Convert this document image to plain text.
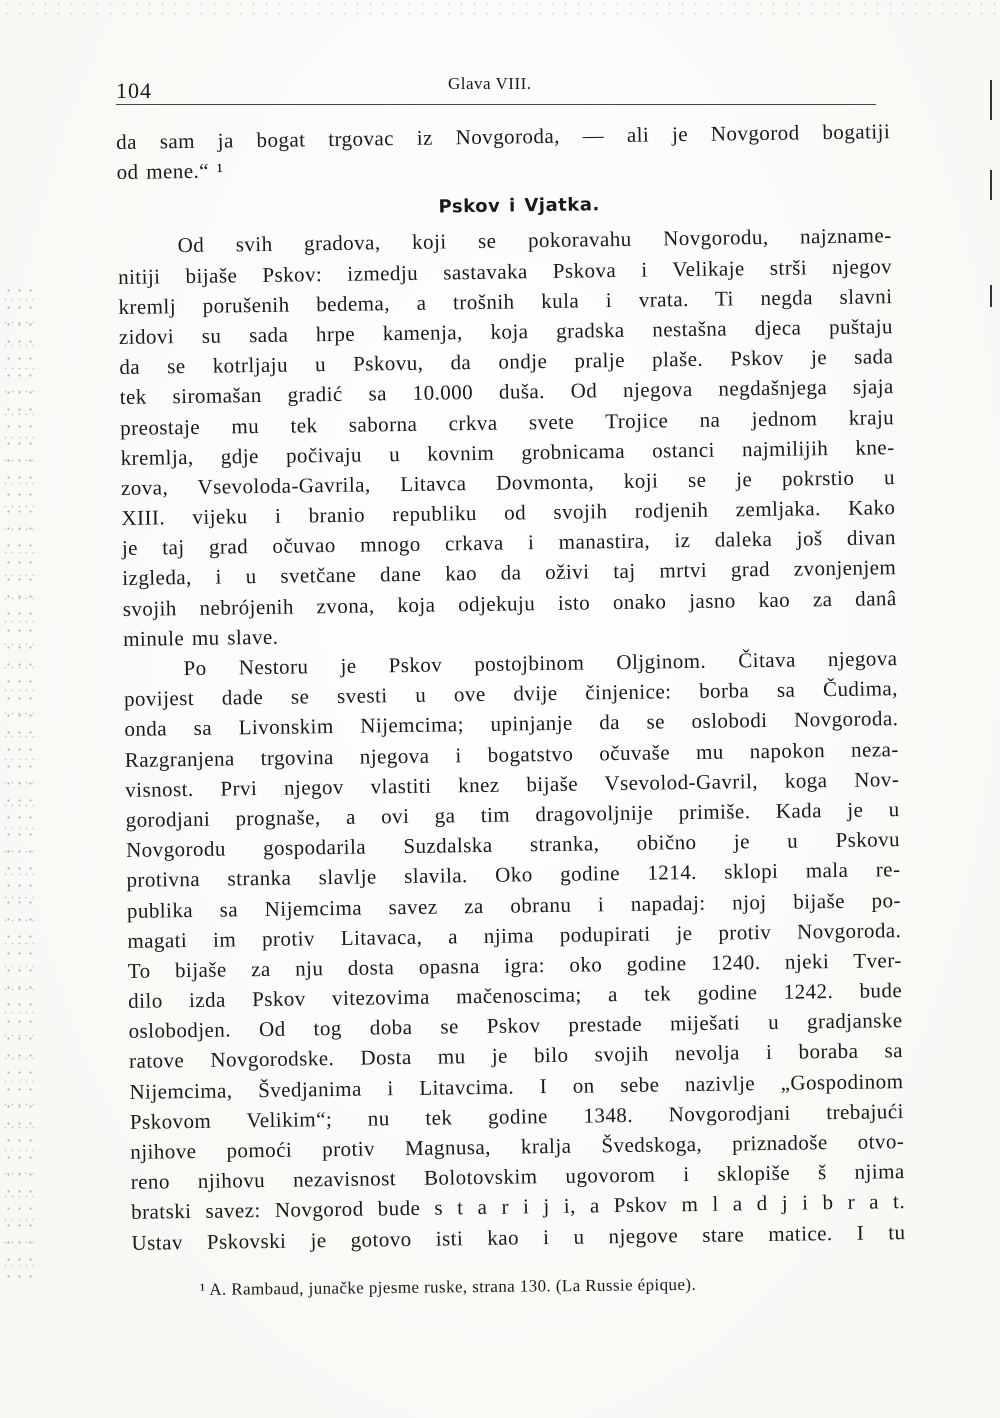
104	Glava VIII.
da sam ja bogat trgovac iz Novgoroda, — ali je Novgorod bogatiji
od mene.“ ¹
Pskov i Vjatka.
Od svih gradova, koji se pokoravahu Novgorodu, najzname-
nitiji bijaše Pskov: izmedju sastavaka Pskova i Velikaje strši njegov
kremlj porušenih bedema, a trošnih kula i vrata. Ti negda slavni
zidovi su sada hrpe kamenja, koja gradska nestašna djeca puštaju
da se kotrljaju u Pskovu, da ondje pralje plaše. Pskov je sada
tek siromašan gradić sa 10.000 duša. Od njegova negdašnjega sjaja
preostaje mu tek saborna crkva svete Trojice na jednom kraju
kremlja, gdje počivaju u kovnim grobnicama ostanci najmilijih kne-
zova, Vsevoloda-Gavrila, Litavca Dovmonta, koji se je pokrstio u
XIII. vijeku i branio republiku od svojih rodjenih zemljaka. Kako
je taj grad očuvao mnogo crkava i manastira, iz daleka još divan
izgleda, i u svetčane dane kao da oživi taj mrtvi grad zvonjenjem
svojih nebrójenih zvona, koja odjekuju isto onako jasno kao za danâ
minule mu slave.
Po Nestoru je Pskov postojbinom Oljginom. Čitava njegova
povijest dade se svesti u ove dvije činjenice: borba sa Čudima,
onda sa Livonskim Nijemcima; upinjanje da se oslobodi Novgoroda.
Razgranjena trgovina njegova i bogatstvo očuvaše mu napokon neza-
visnost. Prvi njegov vlastiti knez bijaše Vsevolod-Gavril, koga Nov-
gorodjani prognaše, a ovi ga tim dragovoljnije primiše. Kada je u
Novgorodu gospodarila Suzdalska stranka, obično je u Pskovu
protivna stranka slavlje slavila. Oko godine 1214. sklopi mala re-
publika sa Nijemcima savez za obranu i napadaj: njoj bijaše po-
magati im protiv Litavaca, a njima podupirati je protiv Novgoroda.
To bijaše za nju dosta opasna igra: oko godine 1240. njeki Tver-
dilo izda Pskov vitezovima mačenoscima; a tek godine 1242. bude
oslobodjen. Od tog doba se Pskov prestade miješati u gradjanske
ratove Novgorodske. Dosta mu je bilo svojih nevolja i boraba sa
Nijemcima, Švedjanima i Litavcima. I on sebe nazivlje „Gospodinom
Pskovom Velikim“; nu tek godine 1348. Novgorodjani trebajući
njihove pomoći protiv Magnusa, kralja Švedskoga, priznadoše otvo-
reno njihovu nezavisnost Bolotovskim ugovorom i sklopiše š njima
bratski savez: Novgorod bude s t a r i j i, a Pskov m l a d j i b r a t.
Ustav Pskovski je gotovo isti kao i u njegove stare matice. I tu
¹ A. Rambaud, junačke pjesme ruske, strana 130. (La Russie épique).
